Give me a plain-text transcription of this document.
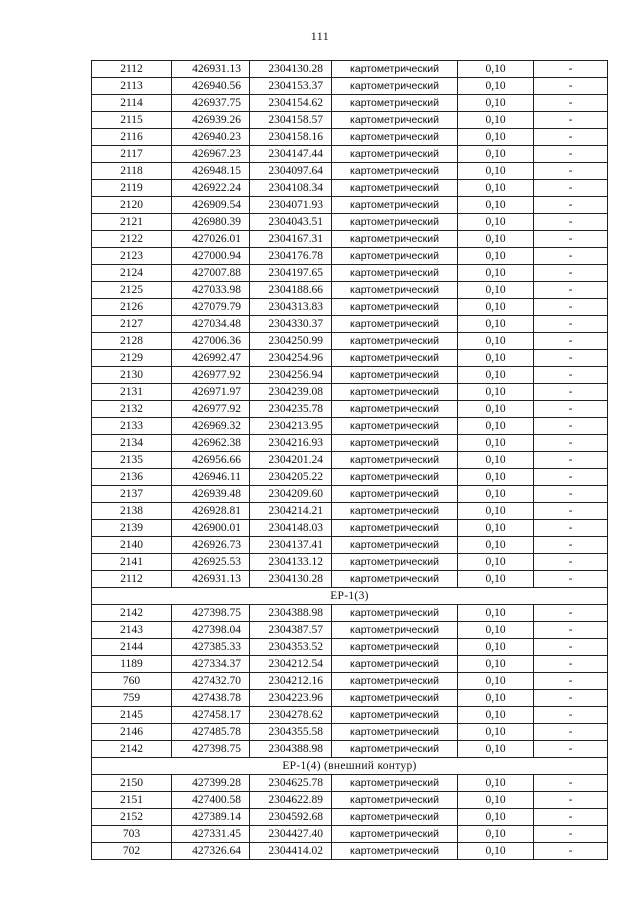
111
2112	426931.13	2304130.28	картометрический	0,10	-
2113	426940.56	2304153.37	картометрический	0,10	-
2114	426937.75	2304154.62	картометрический	0,10	-
2115	426939.26	2304158.57	картометрический	0,10	-
2116	426940.23	2304158.16	картометрический	0,10	-
2117	426967.23	2304147.44	картометрический	0,10	-
2118	426948.15	2304097.64	картометрический	0,10	-
2119	426922.24	2304108.34	картометрический	0,10	-
2120	426909.54	2304071.93	картометрический	0,10	-
2121	426980.39	2304043.51	картометрический	0,10	-
2122	427026.01	2304167.31	картометрический	0,10	-
2123	427000.94	2304176.78	картометрический	0,10	-
2124	427007.88	2304197.65	картометрический	0,10	-
2125	427033.98	2304188.66	картометрический	0,10	-
2126	427079.79	2304313.83	картометрический	0,10	-
2127	427034.48	2304330.37	картометрический	0,10	-
2128	427006.36	2304250.99	картометрический	0,10	-
2129	426992.47	2304254.96	картометрический	0,10	-
2130	426977.92	2304256.94	картометрический	0,10	-
2131	426971.97	2304239.08	картометрический	0,10	-
2132	426977.92	2304235.78	картометрический	0,10	-
2133	426969.32	2304213.95	картометрический	0,10	-
2134	426962.38	2304216.93	картометрический	0,10	-
2135	426956.66	2304201.24	картометрический	0,10	-
2136	426946.11	2304205.22	картометрический	0,10	-
2137	426939.48	2304209.60	картометрический	0,10	-
2138	426928.81	2304214.21	картометрический	0,10	-
2139	426900.01	2304148.03	картометрический	0,10	-
2140	426926.73	2304137.41	картометрический	0,10	-
2141	426925.53	2304133.12	картометрический	0,10	-
2112	426931.13	2304130.28	картометрический	0,10	-
ЕР-1(3)					
2142	427398.75	2304388.98	картометрический	0,10	-
2143	427398.04	2304387.57	картометрический	0,10	-
2144	427385.33	2304353.52	картометрический	0,10	-
1189	427334.37	2304212.54	картометрический	0,10	-
760	427432.70	2304212.16	картометрический	0,10	-
759	427438.78	2304223.96	картометрический	0,10	-
2145	427458.17	2304278.62	картометрический	0,10	-
2146	427485.78	2304355.58	картометрический	0,10	-
2142	427398.75	2304388.98	картометрический	0,10	-
ЕР-1(4) (внешний контур)					
2150	427399.28	2304625.78	картометрический	0,10	-
2151	427400.58	2304622.89	картометрический	0,10	-
2152	427389.14	2304592.68	картометрический	0,10	-
703	427331.45	2304427.40	картометрический	0,10	-
702	427326.64	2304414.02	картометрический	0,10	-
